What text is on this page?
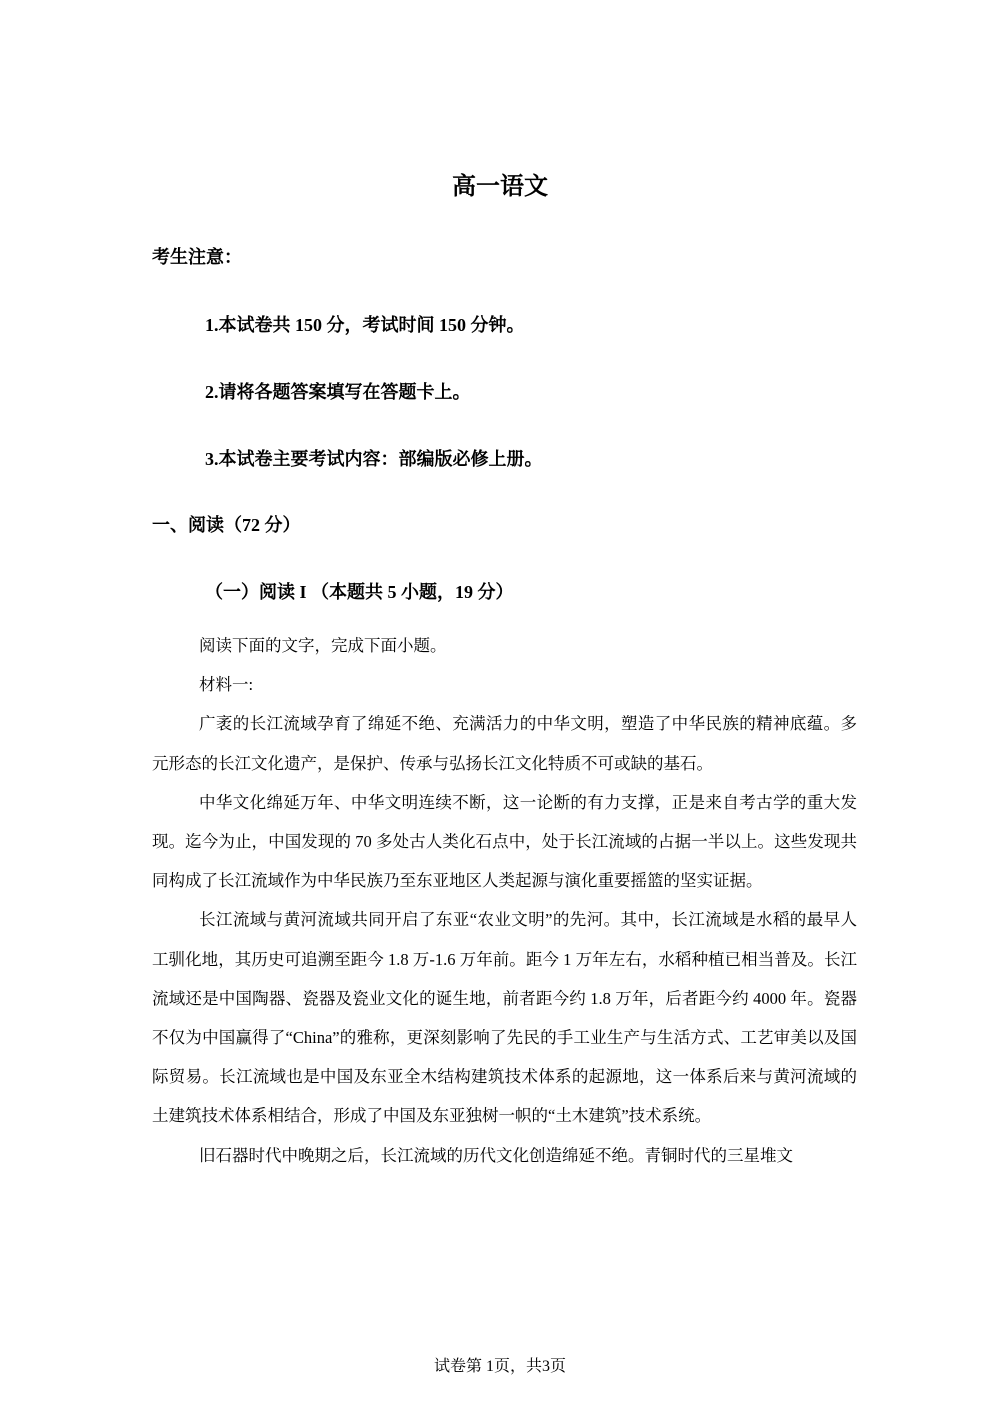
高一语文
考生注意：
1.本试卷共 150 分，考试时间 150 分钟。
2.请将各题答案填写在答题卡上。
3.本试卷主要考试内容：部编版必修上册。
一、阅读（72 分）
（一）阅读 I （本题共 5 小题，19 分）

阅读下面的文字，完成下面小题。

材料一:

广袤的长江流域孕育了绵延不绝、充满活力的中华文明，塑造了中华民族的精神底蕴。多元形态的长江文化遗产，是保护、传承与弘扬长江文化特质不可或缺的基石。

中华文化绵延万年、中华文明连续不断，这一论断的有力支撑，正是来自考古学的重大发现。迄今为止，中国发现的 70 多处古人类化石点中，处于长江流域的占据一半以上。这些发现共同构成了长江流域作为中华民族乃至东亚地区人类起源与演化重要摇篮的坚实证据。

长江流域与黄河流域共同开启了东亚“农业文明”的先河。其中，长江流域是水稻的最早人工驯化地，其历史可追溯至距今 1.8 万-1.6 万年前。距今 1 万年左右，水稻种植已相当普及。长江流域还是中国陶器、瓷器及瓷业文化的诞生地，前者距今约 1.8 万年，后者距今约 4000 年。瓷器不仅为中国赢得了“China”的雅称，更深刻影响了先民的手工业生产与生活方式、工艺审美以及国际贸易。长江流域也是中国及东亚全木结构建筑技术体系的起源地，这一体系后来与黄河流域的土建筑技术体系相结合，形成了中国及东亚独树一帜的“土木建筑”技术系统。

旧石器时代中晚期之后，长江流域的历代文化创造绵延不绝。青铜时代的三星堆文

试卷第 1页，共3页
